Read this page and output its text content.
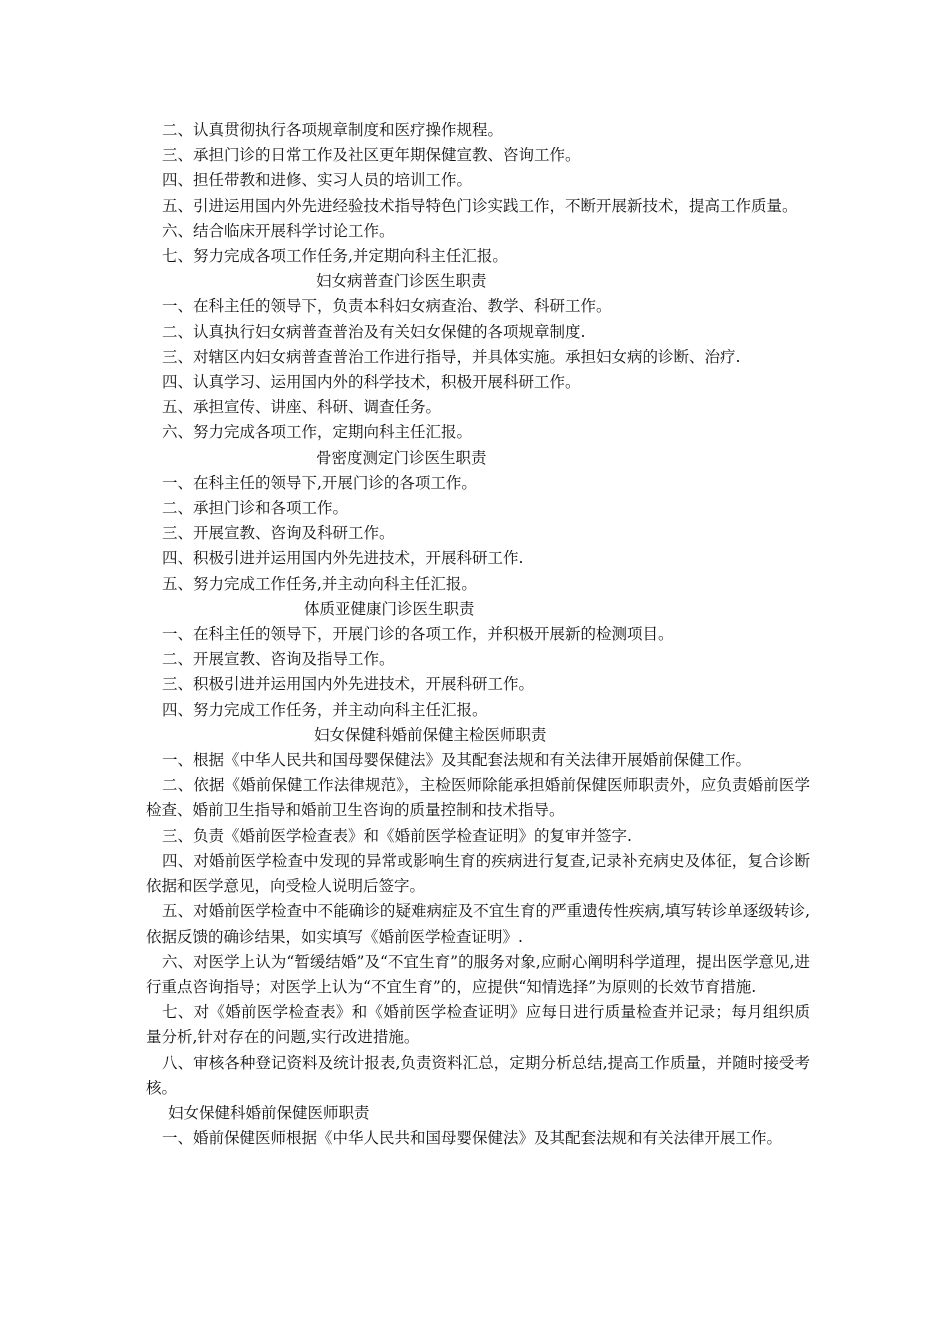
二、认真贯彻执行各项规章制度和医疗操作规程。

三、承担门诊的日常工作及社区更年期保健宣教、咨询工作。

四、担任带教和进修、实习人员的培训工作。

五、引进运用国内外先进经验技术指导特色门诊实践工作，不断开展新技术，提高工作质量。

六、结合临床开展科学讨论工作。

七、努力完成各项工作任务,并定期向科主任汇报。

妇女病普查门诊医生职责

一、在科主任的领导下，负责本科妇女病查治、教学、科研工作。

二、认真执行妇女病普查普治及有关妇女保健的各项规章制度.

三、对辖区内妇女病普查普治工作进行指导，并具体实施。承担妇女病的诊断、治疗.

四、认真学习、运用国内外的科学技术，积极开展科研工作。

五、承担宣传、讲座、科研、调查任务。

六、努力完成各项工作，定期向科主任汇报。

骨密度测定门诊医生职责

一、在科主任的领导下,开展门诊的各项工作。

二、承担门诊和各项工作。

三、开展宣教、咨询及科研工作。

四、积极引进并运用国内外先进技术，开展科研工作.

五、努力完成工作任务,并主动向科主任汇报。

体质亚健康门诊医生职责

一、在科主任的领导下，开展门诊的各项工作，并积极开展新的检测项目。

二、开展宣教、咨询及指导工作。

三、积极引进并运用国内外先进技术，开展科研工作。

四、努力完成工作任务，并主动向科主任汇报。

妇女保健科婚前保健主检医师职责

一、根据《中华人民共和国母婴保健法》及其配套法规和有关法律开展婚前保健工作。

二、依据《婚前保健工作法律规范》，主检医师除能承担婚前保健医师职责外，应负责婚前医学检查、婚前卫生指导和婚前卫生咨询的质量控制和技术指导。

三、负责《婚前医学检查表》和《婚前医学检查证明》的复审并签字.

四、对婚前医学检查中发现的异常或影响生育的疾病进行复查,记录补充病史及体征，复合诊断依据和医学意见，向受检人说明后签字。

五、对婚前医学检查中不能确诊的疑难病症及不宜生育的严重遗传性疾病,填写转诊单逐级转诊,依据反馈的确诊结果，如实填写《婚前医学检查证明》.

六、对医学上认为“暂缓结婚”及“不宜生育”的服务对象,应耐心阐明科学道理，提出医学意见,进行重点咨询指导；对医学上认为“不宜生育”的，应提供“知情选择”为原则的长效节育措施.

七、对《婚前医学检查表》和《婚前医学检查证明》应每日进行质量检查并记录；每月组织质量分析,针对存在的问题,实行改进措施。

八、审核各种登记资料及统计报表,负责资料汇总，定期分析总结,提高工作质量，并随时接受考核。

妇女保健科婚前保健医师职责

一、婚前保健医师根据《中华人民共和国母婴保健法》及其配套法规和有关法律开展工作。
